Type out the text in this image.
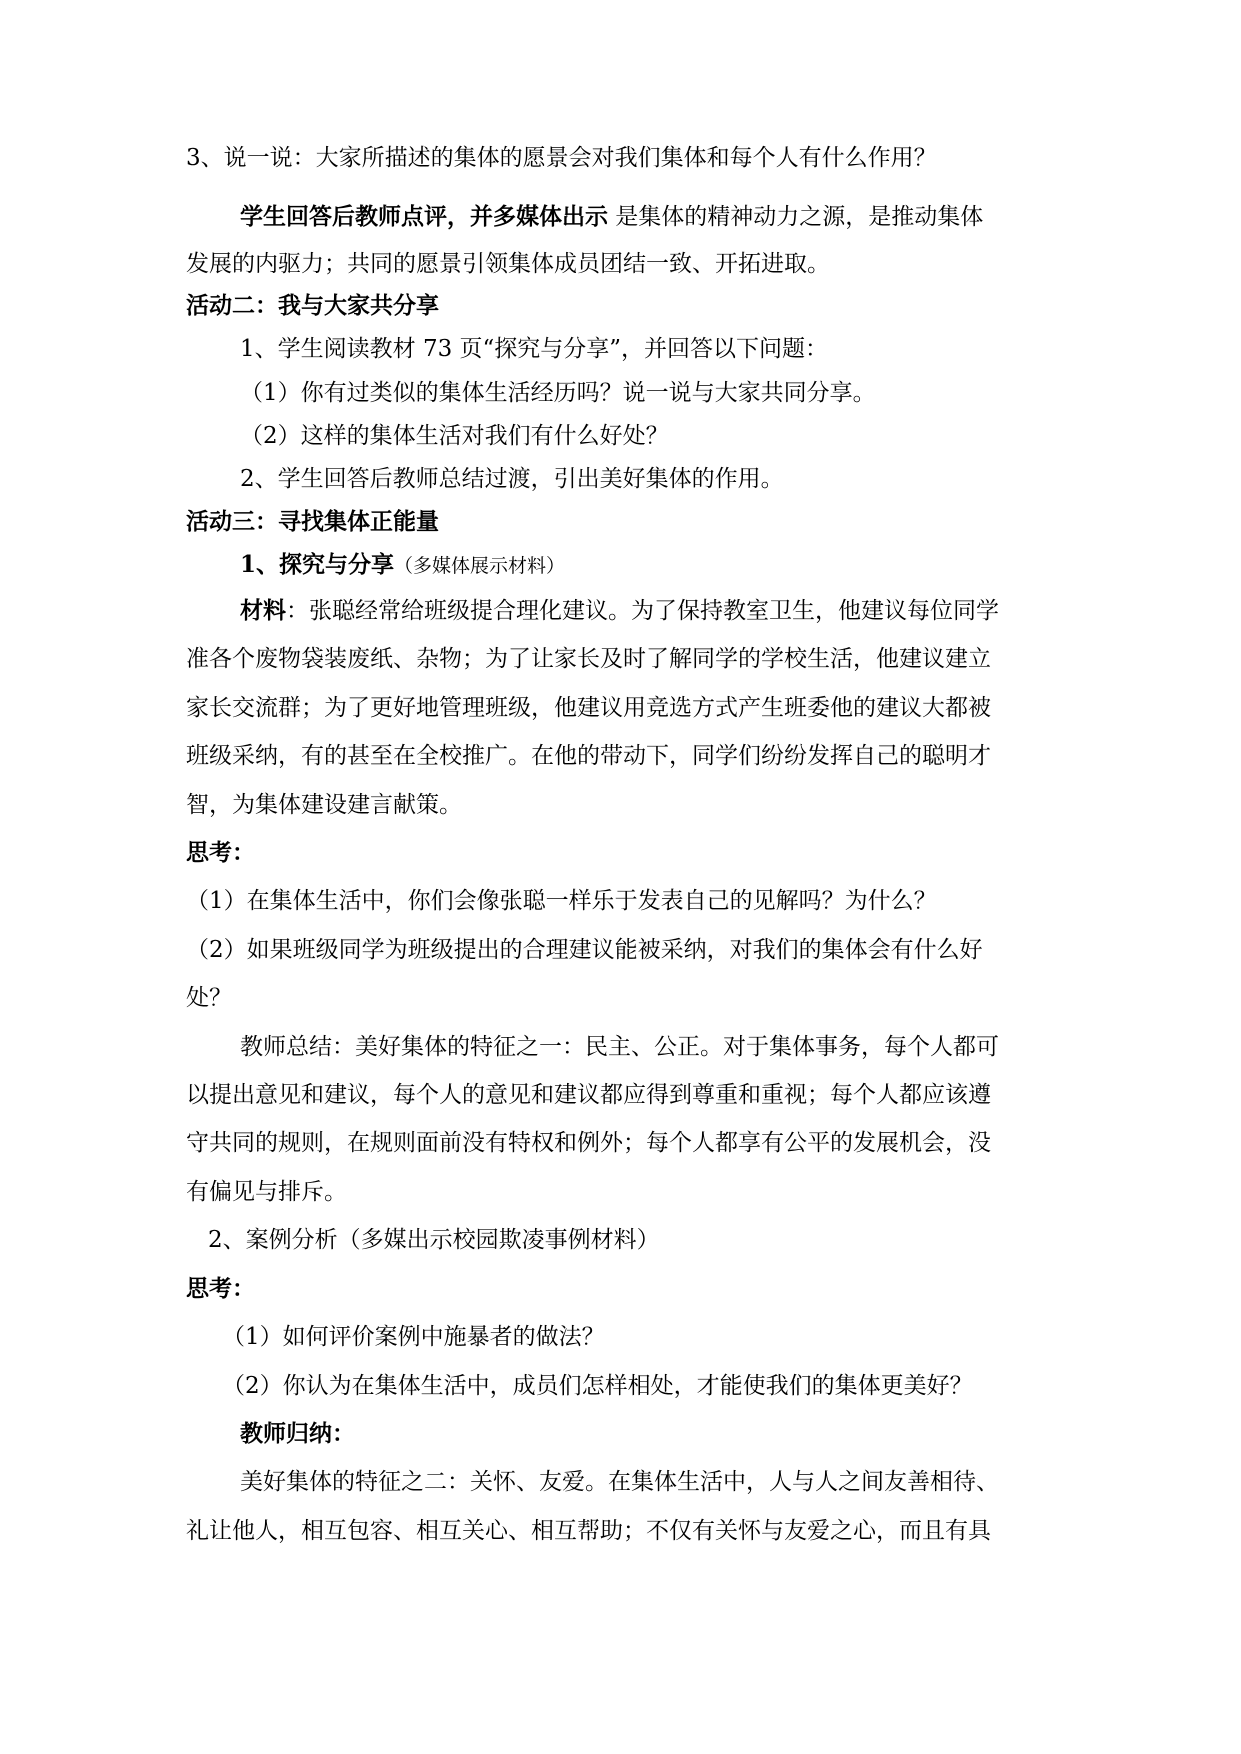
3、说一说：大家所描述的集体的愿景会对我们集体和每个人有什么作用？
学生回答后教师点评，并多媒体出示 是集体的精神动力之源，是推动集体
发展的内驱力；共同的愿景引领集体成员团结一致、开拓进取。
活动二：我与大家共分享
1、学生阅读教材 73 页“探究与分享”，并回答以下问题：
（1）你有过类似的集体生活经历吗？说一说与大家共同分享。
（2）这样的集体生活对我们有什么好处？
2、学生回答后教师总结过渡，引出美好集体的作用。
活动三：寻找集体正能量
1、探究与分享（多媒体展示材料）
材料：张聪经常给班级提合理化建议。为了保持教室卫生，他建议每位同学
准各个废物袋装废纸、杂物；为了让家长及时了解同学的学校生活，他建议建立
家长交流群；为了更好地管理班级，他建议用竞选方式产生班委他的建议大都被
班级采纳，有的甚至在全校推广。在他的带动下，同学们纷纷发挥自己的聪明才
智，为集体建设建言献策。
思考：
（1）在集体生活中，你们会像张聪一样乐于发表自己的见解吗？为什么？
（2）如果班级同学为班级提出的合理建议能被采纳，对我们的集体会有什么好
处？
教师总结：美好集体的特征之一：民主、公正。对于集体事务，每个人都可
以提出意见和建议，每个人的意见和建议都应得到尊重和重视；每个人都应该遵
守共同的规则，在规则面前没有特权和例外；每个人都享有公平的发展机会，没
有偏见与排斥。
2、案例分析（多媒出示校园欺凌事例材料）
思考：
（1）如何评价案例中施暴者的做法？
（2）你认为在集体生活中，成员们怎样相处，才能使我们的集体更美好？
教师归纳：
美好集体的特征之二：关怀、友爱。在集体生活中，人与人之间友善相待、
礼让他人，相互包容、相互关心、相互帮助；不仅有关怀与友爱之心，而且有具
